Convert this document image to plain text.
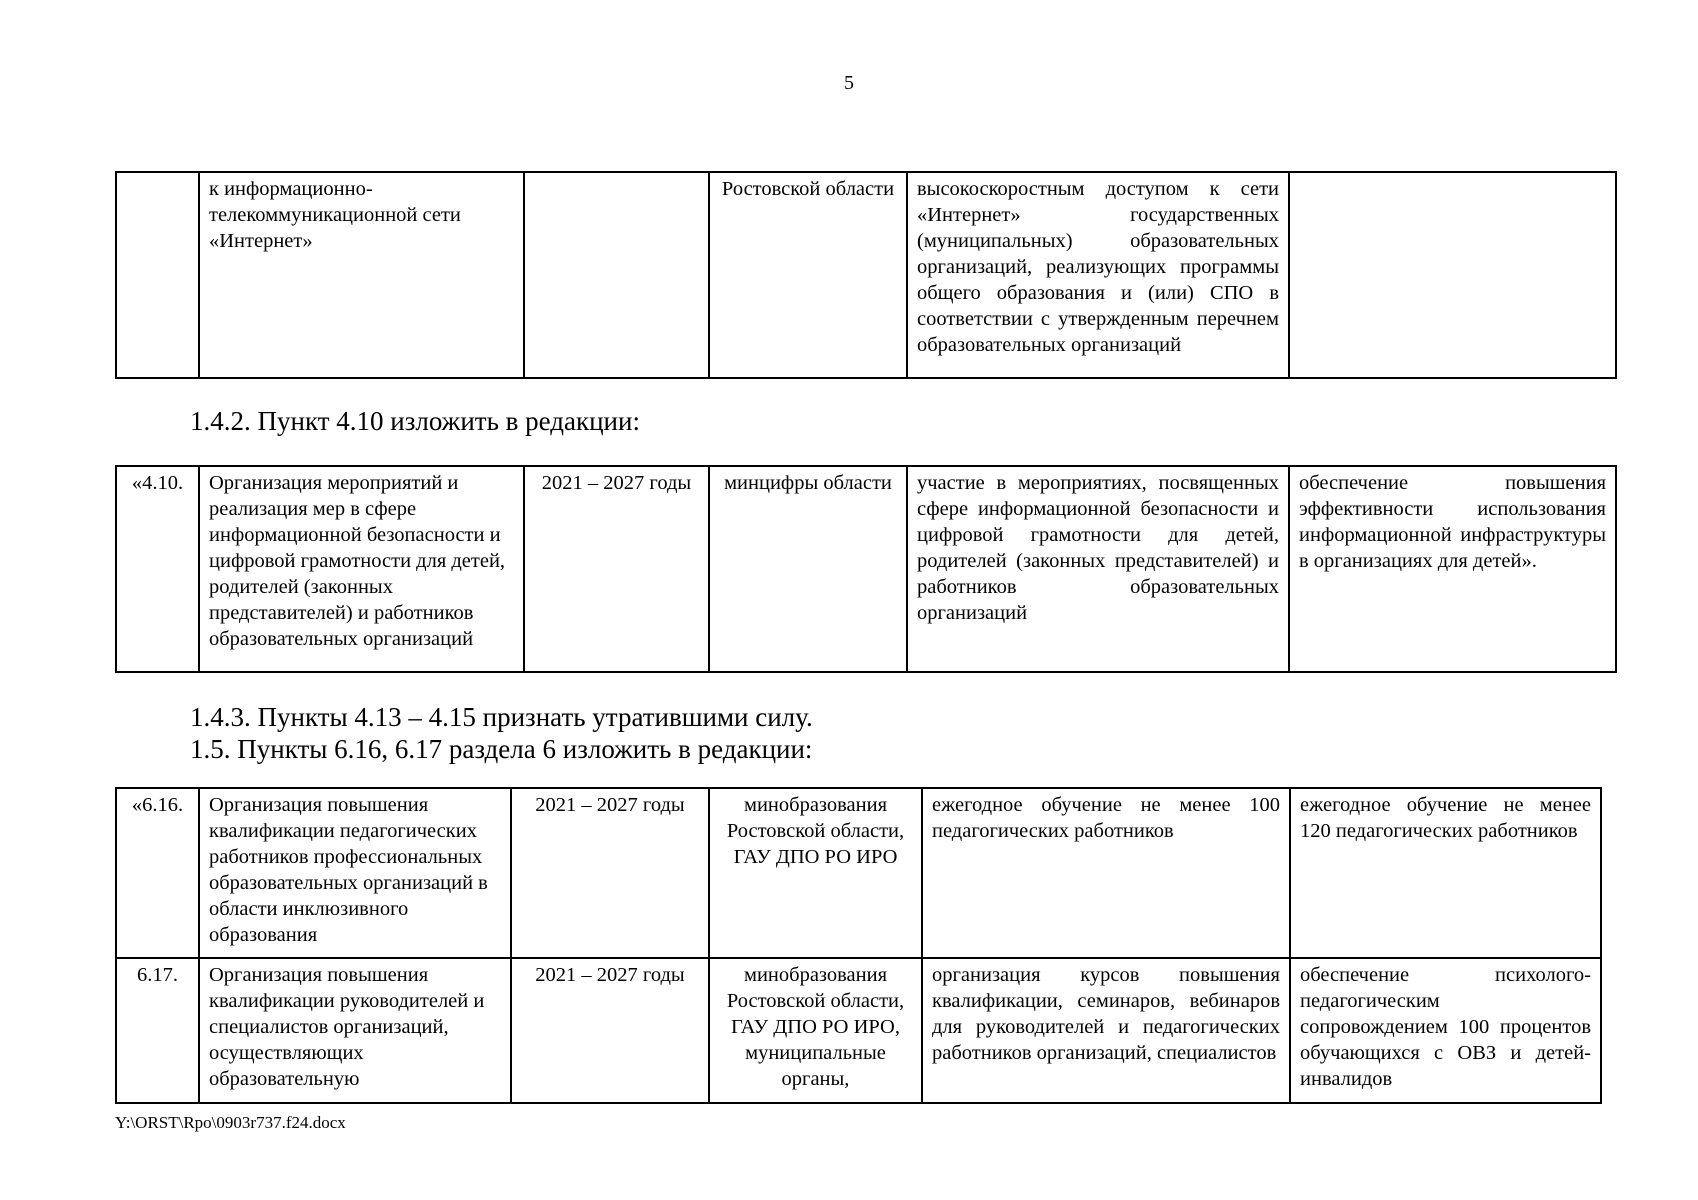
5
	к информационно-телекоммуникационной сети «Интернет»		Ростовской области	высокоскоростным доступом к сети «Интернет» государственных (муниципальных) образовательных организаций, реализующих программы общего образования и (или) СПО в соответствии с утвержденным перечнем образовательных организаций	
1.4.2. Пункт 4.10 изложить в редакции:
«4.10.	Организация мероприятий и реализация мер в сфере информационной безопасности и цифровой грамотности для детей, родителей (законных представителей) и работников образовательных организаций	2021 – 2027 годы	минцифры области	участие в мероприятиях, посвященных сфере информационной безопасности и цифровой грамотности для детей, родителей (законных представителей) и работников образовательных организаций	обеспечение повышения эффективности использования информационной инфраструктуры в организациях для детей».
1.4.3. Пункты 4.13 – 4.15 признать утратившими силу.
1.5. Пункты 6.16, 6.17 раздела 6 изложить в редакции:
«6.16.	Организация повышения квалификации педагогических работников профессиональных образовательных организаций в области инклюзивного образования	2021 – 2027 годы	минобразования Ростовской области, ГАУ ДПО РО ИРО	ежегодное обучение не менее 100 педагогических работников	ежегодное обучение не менее 120 педагогических работников
6.17.	Организация повышения квалификации руководителей и специалистов организаций, осуществляющих образовательную	2021 – 2027 годы	минобразования Ростовской области, ГАУ ДПО РО ИРО, муниципальные органы,	организация курсов повышения квалификации, семинаров, вебинаров для руководителей и педагогических работников организаций, специалистов	обеспечение психолого-педагогическим сопровождением 100 процентов обучающихся с ОВЗ и детей-инвалидов
Y:\ORST\Rpo\0903r737.f24.docx
